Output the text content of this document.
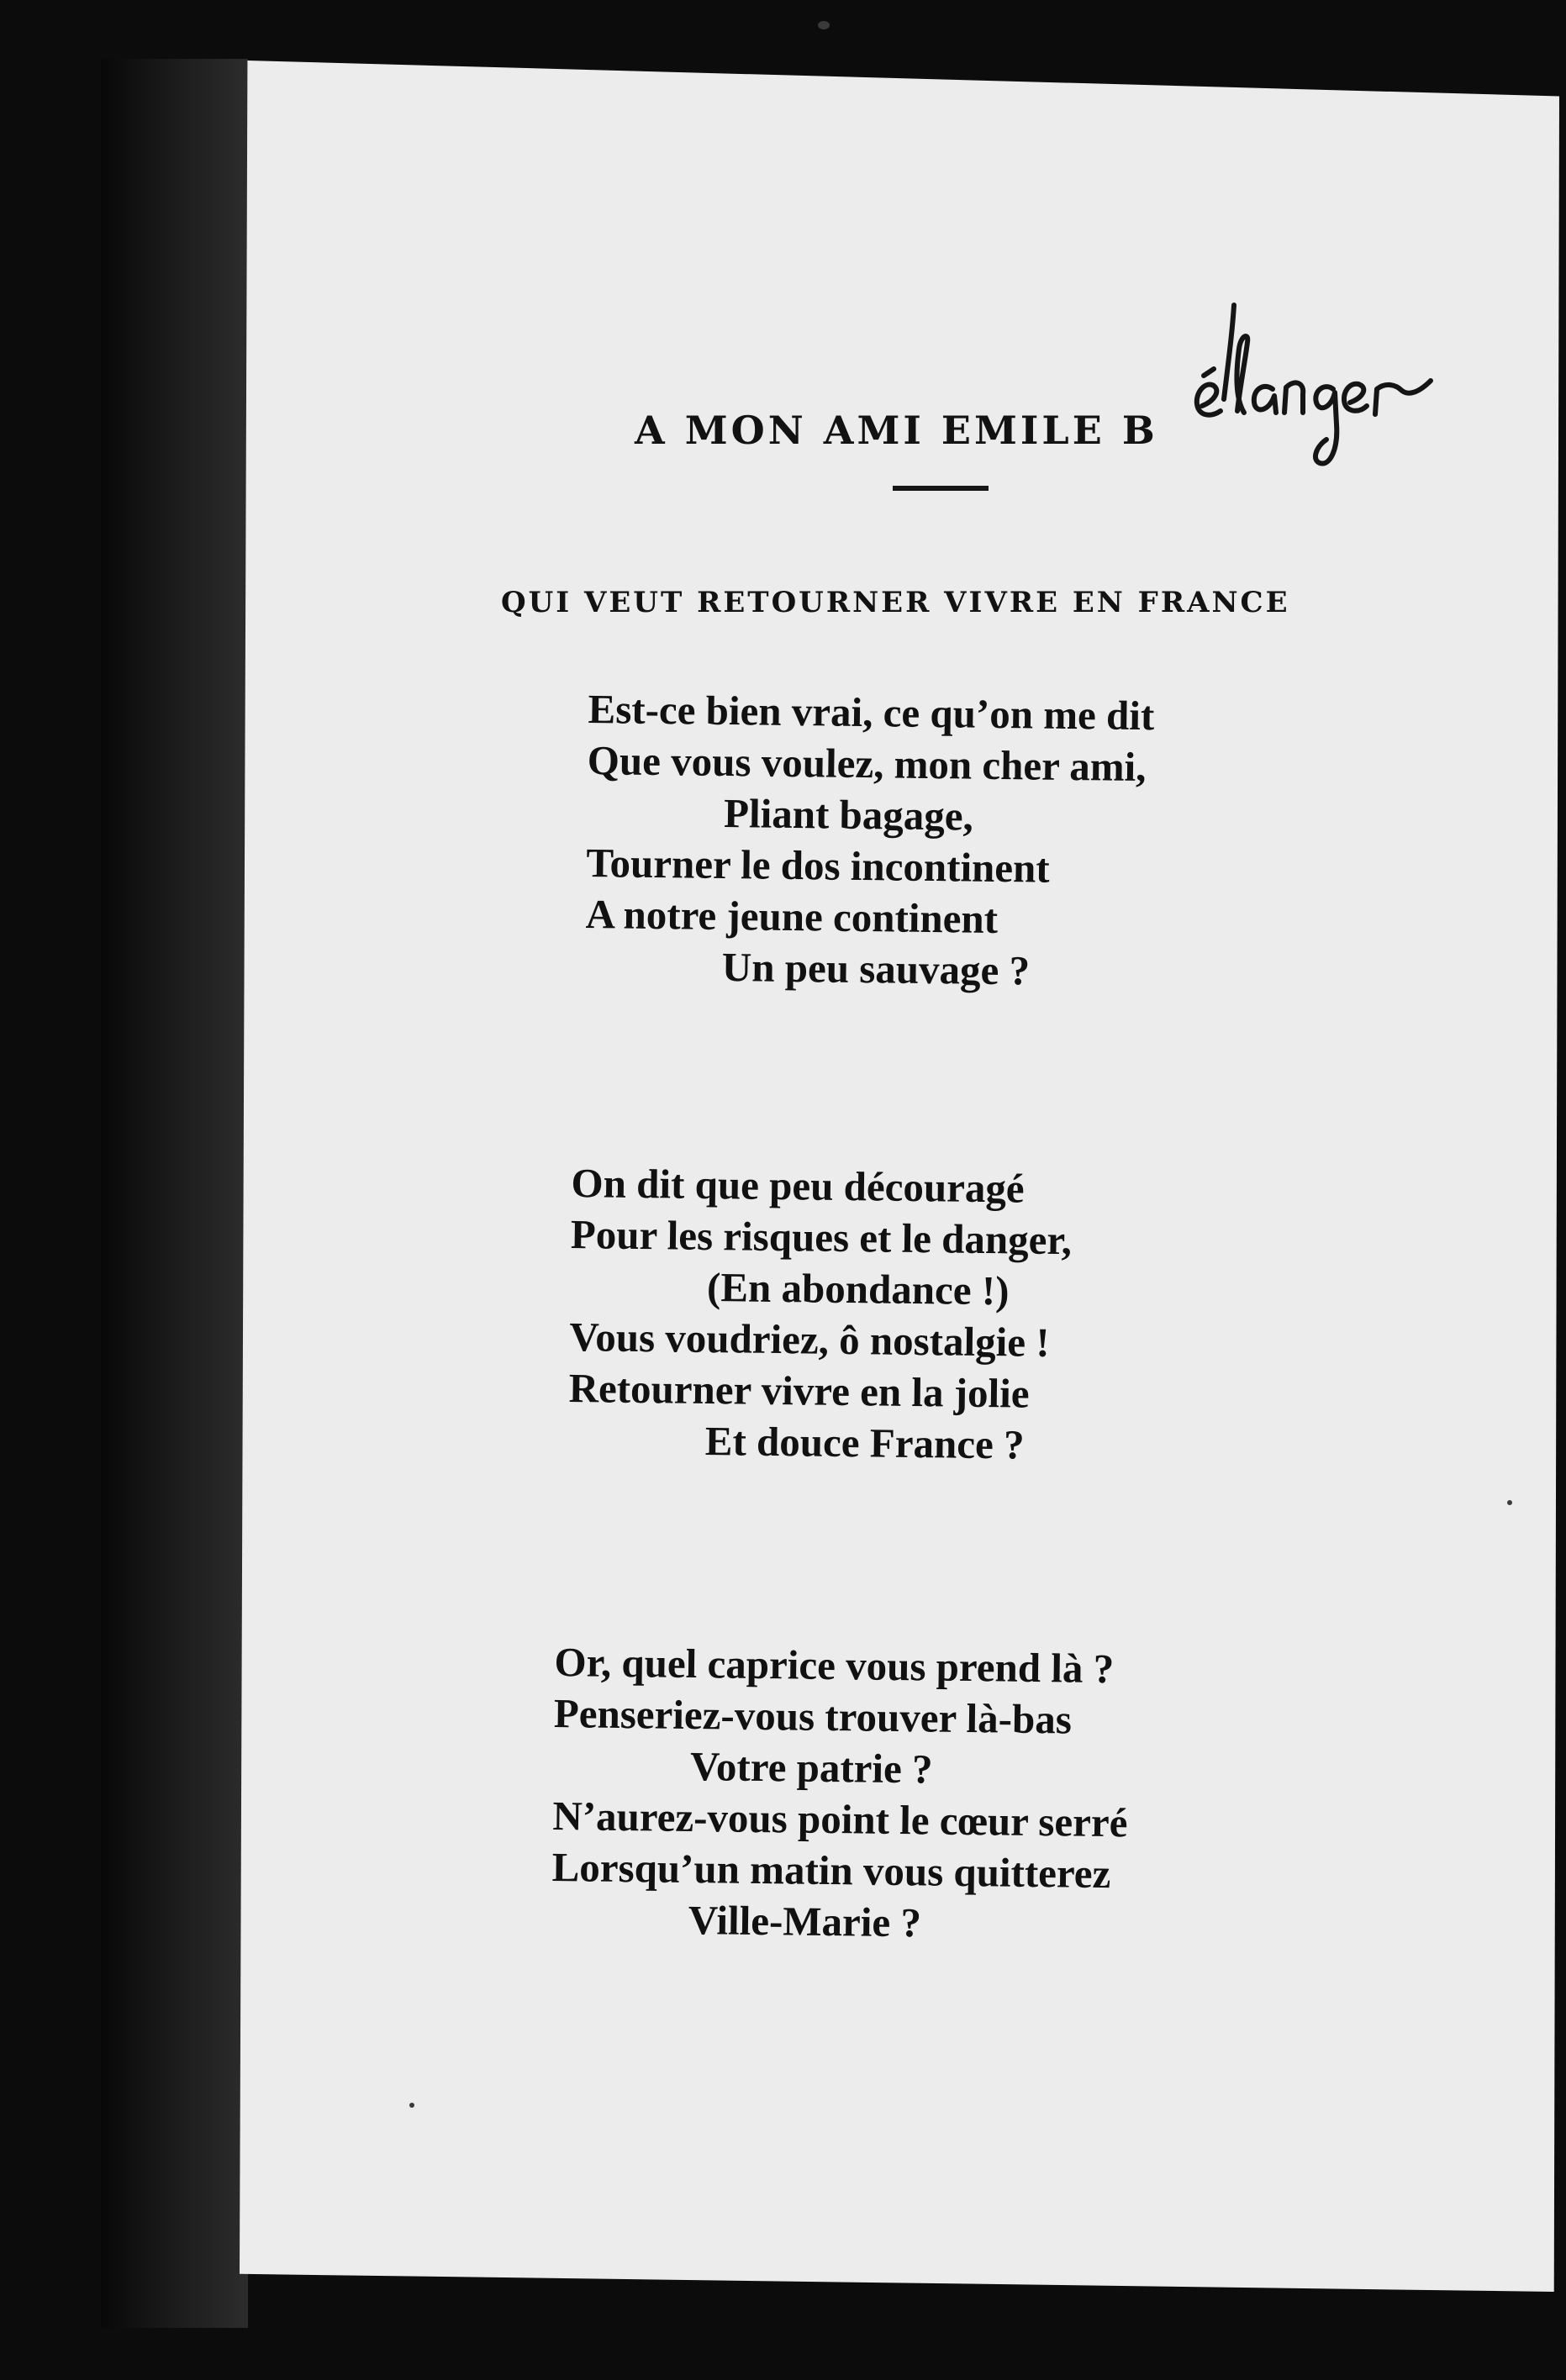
A MON AMI EMILE B
QUI VEUT RETOURNER VIVRE EN FRANCE
Est-ce bien vrai, ce qu’on me dit
Que vous voulez, mon cher ami,
Pliant bagage,
Tourner le dos incontinent
A notre jeune continent
Un peu sauvage ?
On dit que peu découragé
Pour les risques et le danger,
(En abondance !)
Vous voudriez, ô nostalgie !
Retourner vivre en la jolie
Et douce France ?
Or, quel caprice vous prend là ?
Penseriez-vous trouver là-bas
Votre patrie ?
N’aurez-vous point le cœur serré
Lorsqu’un matin vous quitterez
Ville-Marie ?
